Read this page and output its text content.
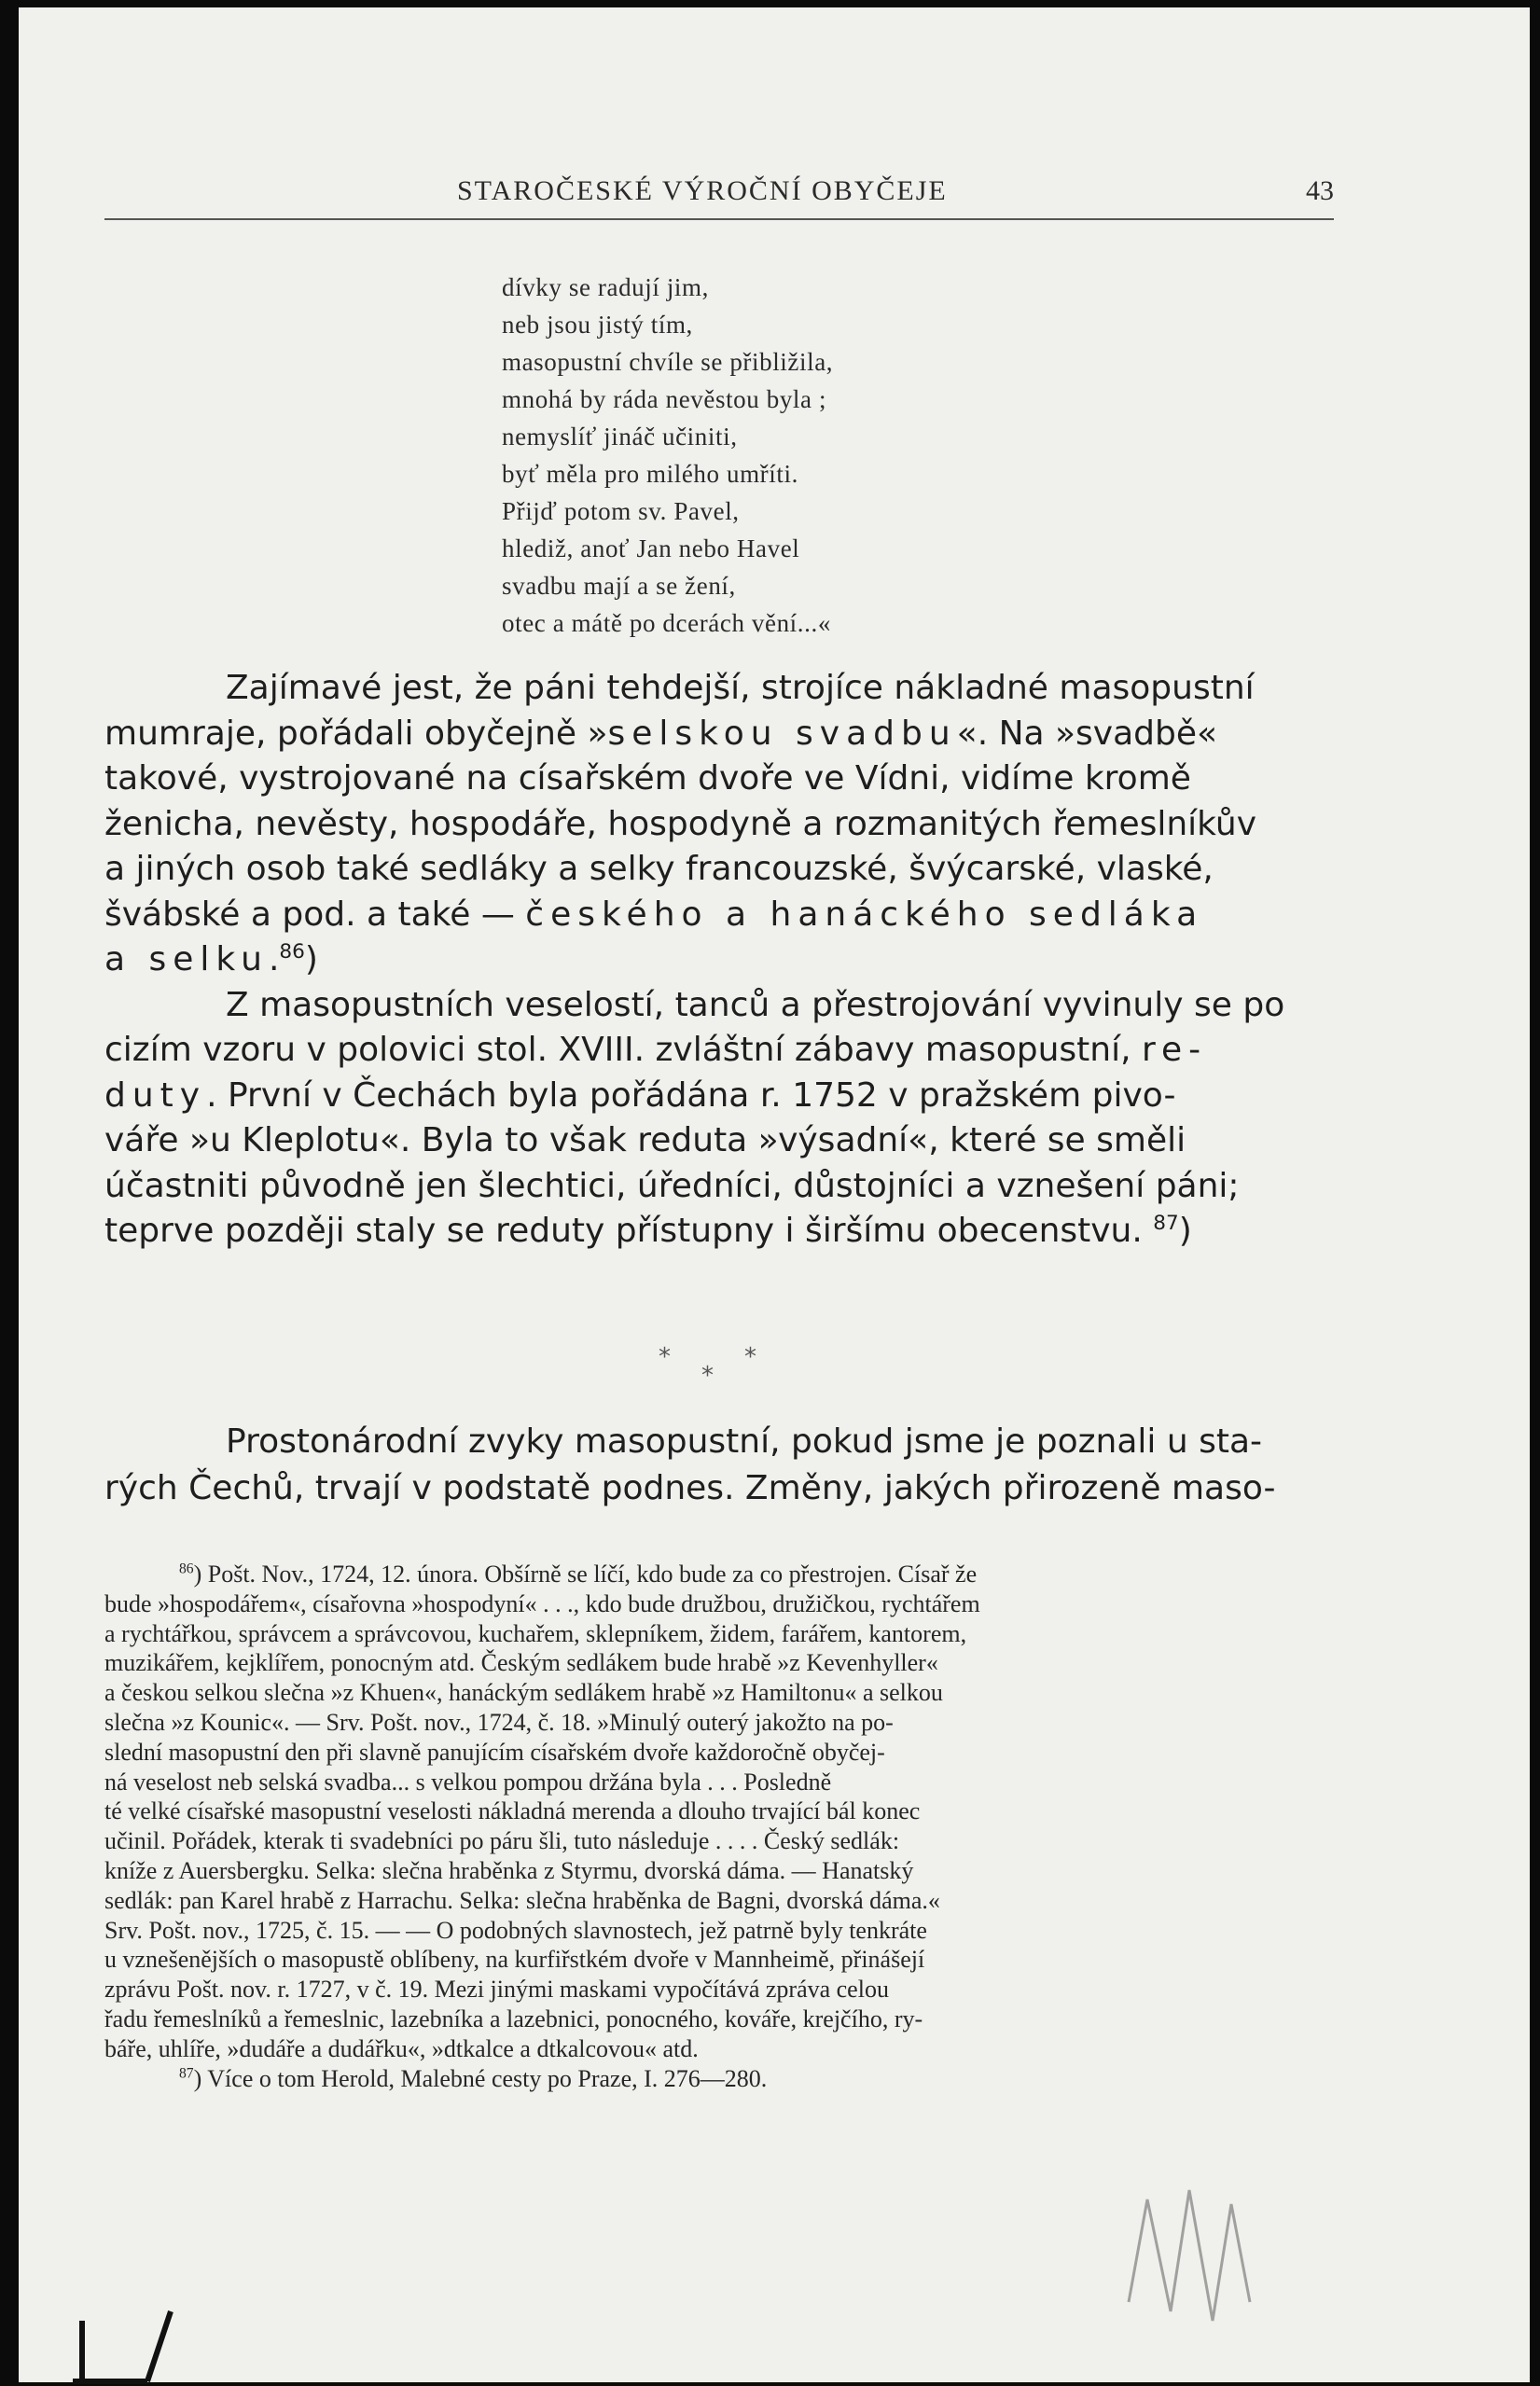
STAROČESKÉ VÝROČNÍ OBYČEJE	43
dívky se radují jim,
neb jsou jistý tím,
masopustní chvíle se přibližila,
mnohá by ráda nevěstou byla ;
nemyslíť jináč učiniti,
byť měla pro milého umříti.
Přijď potom sv. Pavel,
hlediž, anoť Jan nebo Havel
svadbu mají a se žení,
otec a mátě po dcerách vění...«
Zajímavé jest, že páni tehdejší, strojíce nákladné masopustní
mumraje, pořádali obyčejně »selskou svadbu«. Na »svadbě«
takové, vystrojované na císařském dvoře ve Vídni, vidíme kromě
ženicha, nevěsty, hospodáře, hospodyně a rozmanitých řemeslníkův
a jiných osob také sedláky a selky francouzské, švýcarské, vlaské,
švábské a pod. a také — českého a hanáckého sedláka
a selku.$^{86}$)
Z masopustních veselostí, tanců a přestrojování vyvinuly se po
cizím vzoru v polovici stol. XVIII. zvláštní zábavy masopustní, re-
duty. První v Čechách byla pořádána r. 1752 v pražském pivo-
váře »u Kleplotu«. Byla to však reduta »výsadní«, které se směli
účastniti původně jen šlechtici, úředníci, důstojníci a vznešení páni;
teprve později staly se reduty přístupny i širšímu obecenstvu. $^{87}$)
*	*
*
Prostonárodní zvyky masopustní, pokud jsme je poznali u sta-
rých Čechů, trvají v podstatě podnes. Změny, jakých přirozeně maso-
$^{86}$) Pošt. Nov., 1724, 12. února. Obšírně se líčí, kdo bude za co přestrojen. Císař že
bude »hospodářem«, císařovna »hospodyní« . . ., kdo bude družbou, družičkou, rychtářem
a rychtářkou, správcem a správcovou, kuchařem, sklepníkem, židem, farářem, kantorem,
muzikářem, kejklířem, ponocným atd. Českým sedlákem bude hrabě »z Kevenhyller«
a českou selkou slečna »z Khuen«, hanáckým sedlákem hrabě »z Hamiltonu« a selkou
slečna »z Kounic«. — Srv. Pošt. nov., 1724, č. 18. »Minulý outerý jakožto na po-
slední masopustní den při slavně panujícím císařském dvoře každoročně obyčej-
ná veselost neb selská svadba... s velkou pompou držána byla . . . Posledně
té velké císařské masopustní veselosti nákladná merenda a dlouho trvající bál konec
učinil. Pořádek, kterak ti svadebníci po páru šli, tuto následuje . . . . Český sedlák:
kníže z Auersbergku. Selka: slečna hraběnka z Styrmu, dvorská dáma. — Hanatský
sedlák: pan Karel hrabě z Harrachu. Selka: slečna hraběnka de Bagni, dvorská dáma.«
Srv. Pošt. nov., 1725, č. 15. — — O podobných slavnostech, jež patrně byly tenkráte
u vznešenějších o masopustě oblíbeny, na kurfiřstkém dvoře v Mannheimě, přinášejí
zprávu Pošt. nov. r. 1727, v č. 19. Mezi jinými maskami vypočítává zpráva celou
řadu řemeslníků a řemeslnic, lazebníka a lazebnici, ponocného, kováře, krejčího, ry-
báře, uhlíře, »dudáře a dudářku«, »dtkalce a dtkalcovou« atd.
$^{87}$) Více o tom Herold, Malebné cesty po Praze, I. 276—280.
